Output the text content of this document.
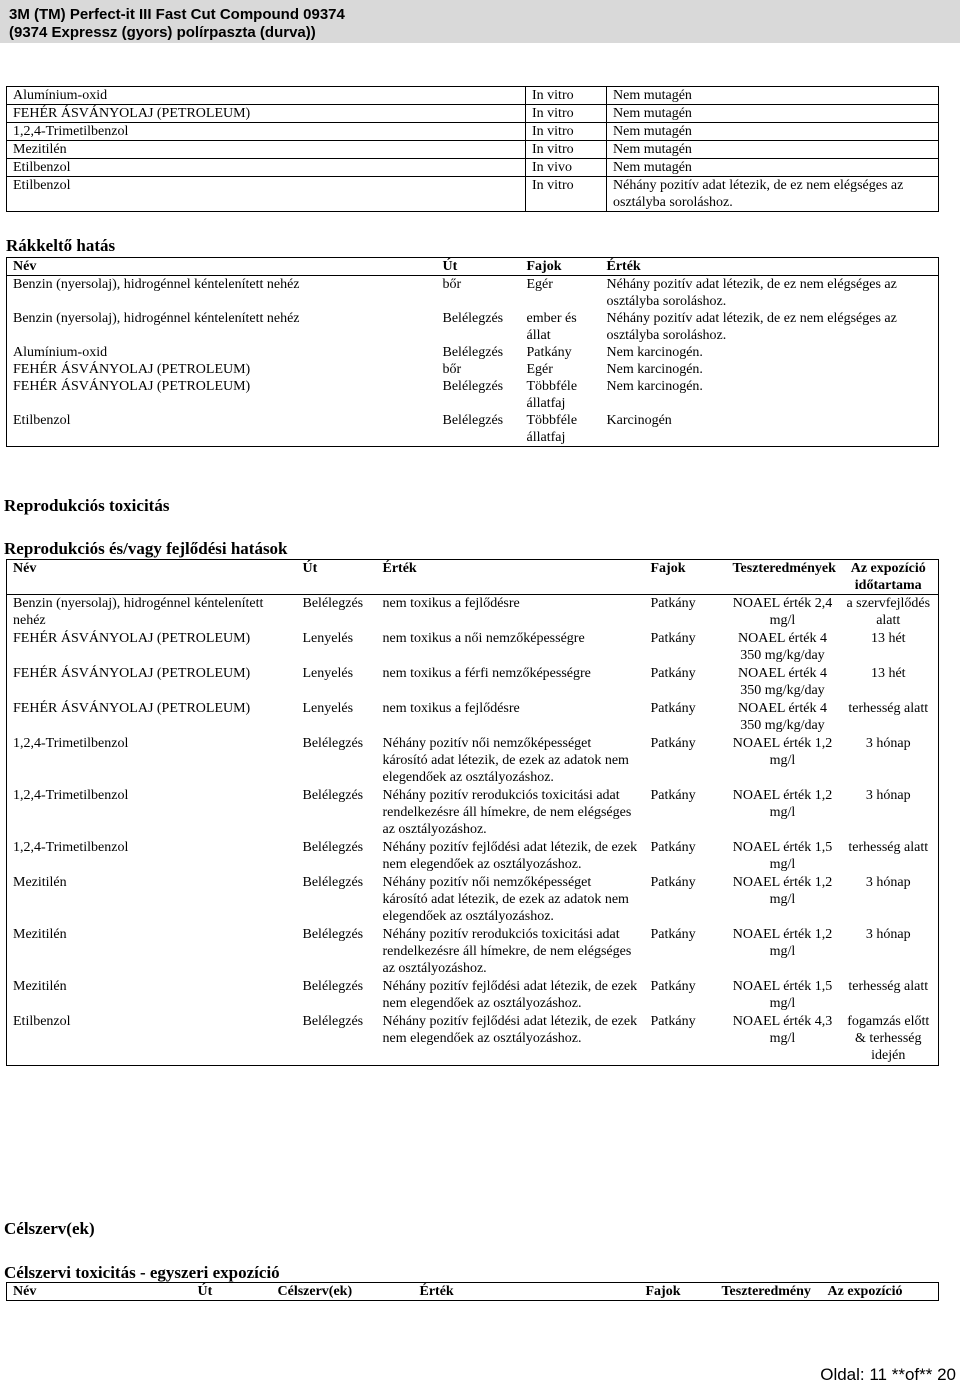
3M (TM) Perfect-it III Fast Cut Compound 09374
(9374 Expressz (gyors) polírpaszta (durva))
Alumínium-oxid	In vitro	Nem mutagén
FEHÉR ÁSVÁNYOLAJ (PETROLEUM)	In vitro	Nem mutagén
1,2,4-Trimetilbenzol	In vitro	Nem mutagén
Mezitilén	In vitro	Nem mutagén
Etilbenzol	In vivo	Nem mutagén
Etilbenzol	In vitro	Néhány pozitív adat létezik, de ez nem elégséges az osztályba soroláshoz.
Rákkeltő hatás
Név	Út	Fajok	Érték
Benzin (nyersolaj), hidrogénnel kéntelenített nehéz	bőr	Egér	Néhány pozitív adat létezik, de ez nem elégséges az osztályba soroláshoz.
Benzin (nyersolaj), hidrogénnel kéntelenített nehéz	Belélegzés	ember és állat	Néhány pozitív adat létezik, de ez nem elégséges az osztályba soroláshoz.
Alumínium-oxid	Belélegzés	Patkány	Nem karcinogén.
FEHÉR ÁSVÁNYOLAJ (PETROLEUM)	bőr	Egér	Nem karcinogén.
FEHÉR ÁSVÁNYOLAJ (PETROLEUM)	Belélegzés	Többféle állatfaj	Nem karcinogén.
Etilbenzol	Belélegzés	Többféle állatfaj	Karcinogén
Reprodukciós toxicitás
Reprodukciós és/vagy fejlődési hatások
Név	Út	Érték	Fajok	Teszteredmények	Az expozíció időtartama
Benzin (nyersolaj), hidrogénnel kéntelenített nehéz	Belélegzés	nem toxikus a fejlődésre	Patkány	NOAEL érték 2,4 mg/l	a szervfejlődés alatt
FEHÉR ÁSVÁNYOLAJ (PETROLEUM)	Lenyelés	nem toxikus a női nemzőképességre	Patkány	NOAEL érték 4 350 mg/kg/day	13 hét
FEHÉR ÁSVÁNYOLAJ (PETROLEUM)	Lenyelés	nem toxikus a férfi nemzőképességre	Patkány	NOAEL érték 4 350 mg/kg/day	13 hét
FEHÉR ÁSVÁNYOLAJ (PETROLEUM)	Lenyelés	nem toxikus a fejlődésre	Patkány	NOAEL érték 4 350 mg/kg/day	terhesség alatt
1,2,4-Trimetilbenzol	Belélegzés	Néhány pozitív női nemzőképességet károsító adat létezik, de ezek az adatok nem elegendőek az osztályozáshoz.	Patkány	NOAEL érték 1,2 mg/l	3 hónap
1,2,4-Trimetilbenzol	Belélegzés	Néhány pozitív rerodukciós toxicitási adat rendelkezésre áll hímekre, de nem elégséges az osztályozáshoz.	Patkány	NOAEL érték 1,2 mg/l	3 hónap
1,2,4-Trimetilbenzol	Belélegzés	Néhány pozitív fejlődési adat létezik, de ezek nem elegendőek az osztályozáshoz.	Patkány	NOAEL érték 1,5 mg/l	terhesség alatt
Mezitilén	Belélegzés	Néhány pozitív női nemzőképességet károsító adat létezik, de ezek az adatok nem elegendőek az osztályozáshoz.	Patkány	NOAEL érték 1,2 mg/l	3 hónap
Mezitilén	Belélegzés	Néhány pozitív rerodukciós toxicitási adat rendelkezésre áll hímekre, de nem elégséges az osztályozáshoz.	Patkány	NOAEL érték 1,2 mg/l	3 hónap
Mezitilén	Belélegzés	Néhány pozitív fejlődési adat létezik, de ezek nem elegendőek az osztályozáshoz.	Patkány	NOAEL érték 1,5 mg/l	terhesség alatt
Etilbenzol	Belélegzés	Néhány pozitív fejlődési adat létezik, de ezek nem elegendőek az osztályozáshoz.	Patkány	NOAEL érték 4,3 mg/l	fogamzás előtt & terhesség idején
Célszerv(ek)
Célszervi toxicitás - egyszeri expozíció
Név	Út	Célszerv(ek)	Érték	Fajok	Teszteredmény	Az expozíció
Oldal: 11 **of** 20
